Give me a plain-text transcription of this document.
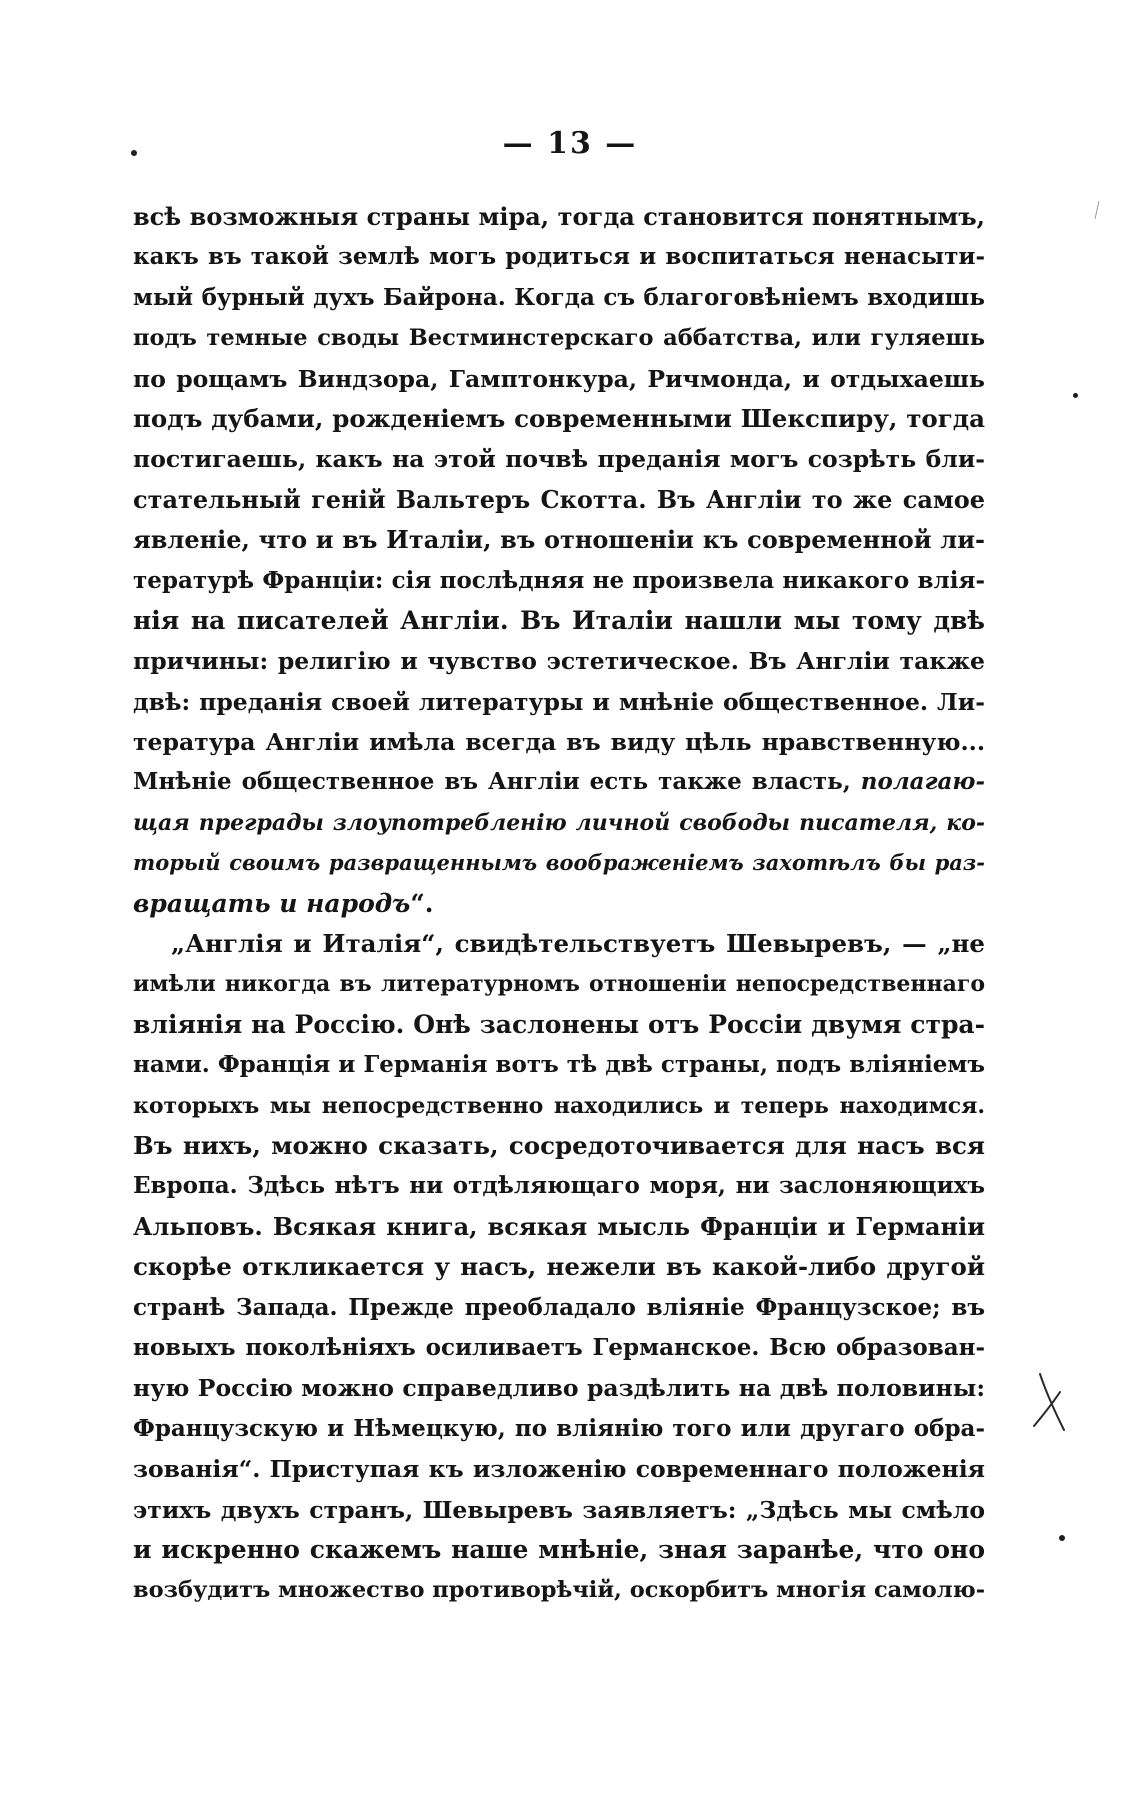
— 13 —
всѣ возможныя страны міра, тогда становится понятнымъ,
какъ въ такой землѣ могъ родиться и воспитаться ненасыти-
мый бурный духъ Байрона. Когда съ благоговѣніемъ входишь
подъ темные своды Вестминстерскаго аббатства, или гуляешь
по рощамъ Виндзора, Гамптонкура, Ричмонда, и отдыхаешь
подъ дубами, рожденіемъ современными Шекспиру, тогда
постигаешь, какъ на этой почвѣ преданія могъ созрѣть бли-
стательный геній Вальтеръ Скотта. Въ Англіи то же самое
явленіе, что и въ Италіи, въ отношеніи къ современной ли-
тературѣ Франціи: сія послѣдняя не произвела никакого влія-
нія на писателей Англіи. Въ Италіи нашли мы тому двѣ
причины: религію и чувство эстетическое. Въ Англіи также
двѣ: преданія своей литературы и мнѣніе общественное. Ли-
тература Англіи имѣла всегда въ виду цѣль нравственную...
Мнѣніе общественное въ Англіи есть также власть, полагаю-
щая преграды злоупотребленію личной свободы писателя, ко-
торый своимъ развращеннымъ воображеніемъ захотѣлъ бы раз-
вращать и народъ“.
„Англія и Италія“, свидѣтельствуетъ Шевыревъ, — „не
имѣли никогда въ литературномъ отношеніи непосредственнаго
вліянія на Россію. Онѣ заслонены отъ Россіи двумя стра-
нами. Франція и Германія вотъ тѣ двѣ страны, подъ вліяніемъ
которыхъ мы непосредственно находились и теперь находимся.
Въ нихъ, можно сказать, сосредоточивается для насъ вся
Европа. Здѣсь нѣтъ ни отдѣляющаго моря, ни заслоняющихъ
Альповъ. Всякая книга, всякая мысль Франціи и Германіи
скорѣе откликается у насъ, нежели въ какой-либо другой
странѣ Запада. Прежде преобладало вліяніе Французское; въ
новыхъ поколѣніяхъ осиливаетъ Германское. Всю образован-
ную Россію можно справедливо раздѣлить на двѣ половины:
Французскую и Нѣмецкую, по вліянію того или другаго обра-
зованія“. Приступая къ изложенію современнаго положенія
этихъ двухъ странъ, Шевыревъ заявляетъ: „Здѣсь мы смѣло
и искренно скажемъ наше мнѣніе, зная заранѣе, что оно
возбудитъ множество противорѣчій, оскорбитъ многія самолю-
